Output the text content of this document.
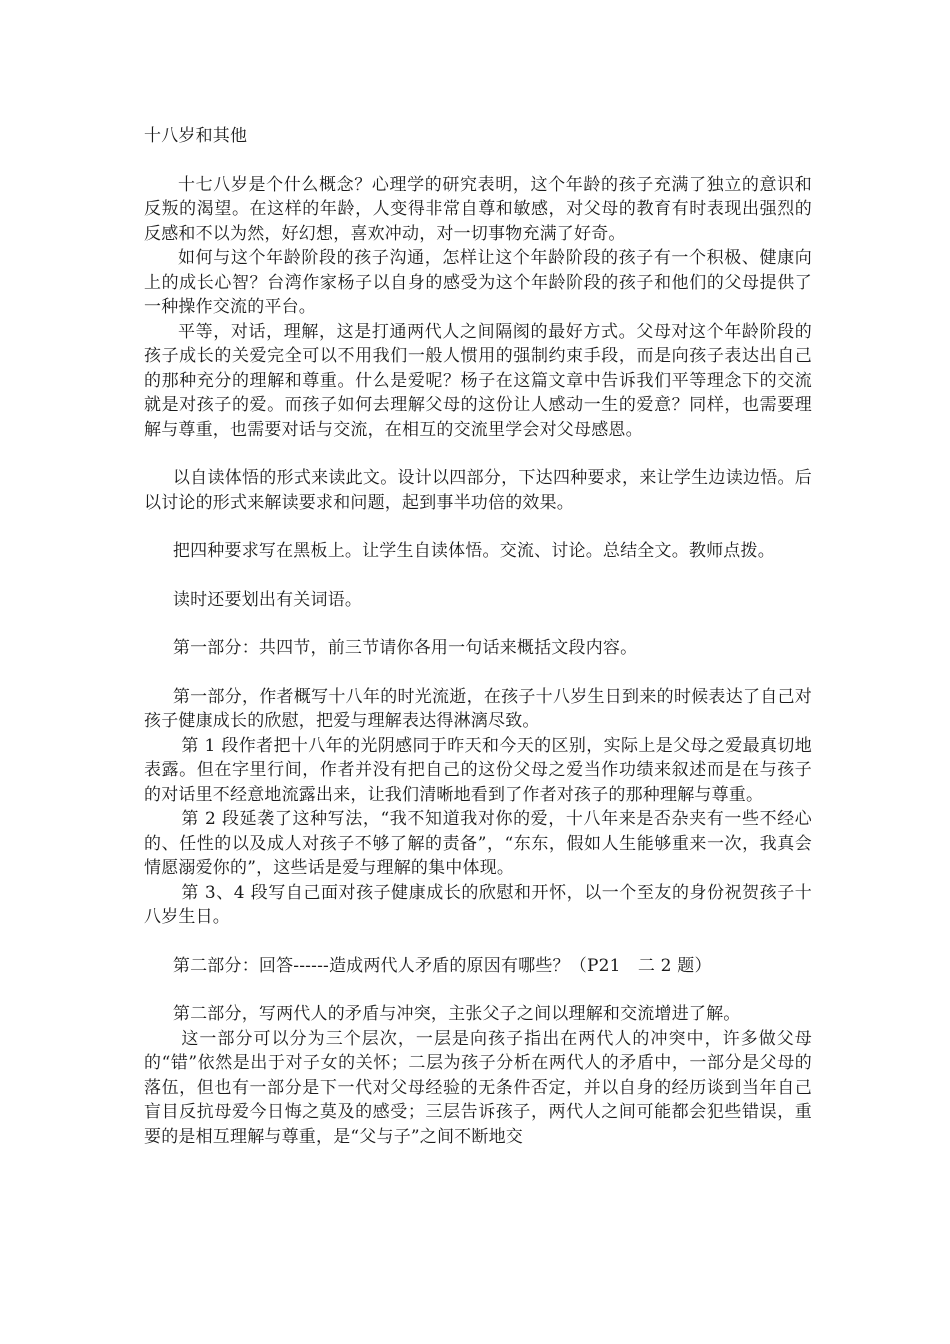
十八岁和其他

十七八岁是个什么概念？心理学的研究表明，这个年龄的孩子充满了独立的意识和反叛的渴望。在这样的年龄，人变得非常自尊和敏感，对父母的教育有时表现出强烈的反感和不以为然，好幻想，喜欢冲动，对一切事物充满了好奇。

如何与这个年龄阶段的孩子沟通，怎样让这个年龄阶段的孩子有一个积极、健康向上的成长心智？台湾作家杨子以自身的感受为这个年龄阶段的孩子和他们的父母提供了一种操作交流的平台。

平等，对话，理解，这是打通两代人之间隔阂的最好方式。父母对这个年龄阶段的孩子成长的关爱完全可以不用我们一般人惯用的强制约束手段，而是向孩子表达出自己的那种充分的理解和尊重。什么是爱呢？杨子在这篇文章中告诉我们平等理念下的交流就是对孩子的爱。而孩子如何去理解父母的这份让人感动一生的爱意？同样，也需要理解与尊重，也需要对话与交流，在相互的交流里学会对父母感恩。

以自读体悟的形式来读此文。设计以四部分，下达四种要求，来让学生边读边悟。后以讨论的形式来解读要求和问题，起到事半功倍的效果。

把四种要求写在黑板上。让学生自读体悟。交流、讨论。总结全文。教师点拨。

读时还要划出有关词语。

第一部分：共四节，前三节请你各用一句话来概括文段内容。

第一部分，作者概写十八年的时光流逝，在孩子十八岁生日到来的时候表达了自己对孩子健康成长的欣慰，把爱与理解表达得淋漓尽致。

第 1 段作者把十八年的光阴感同于昨天和今天的区别，实际上是父母之爱最真切地表露。但在字里行间，作者并没有把自己的这份父母之爱当作功绩来叙述而是在与孩子的对话里不经意地流露出来，让我们清晰地看到了作者对孩子的那种理解与尊重。

第 2 段延袭了这种写法，“我不知道我对你的爱，十八年来是否杂夹有一些不经心的、任性的以及成人对孩子不够了解的责备”，“东东，假如人生能够重来一次，我真会情愿溺爱你的”，这些话是爱与理解的集中体现。

第 3、4 段写自己面对孩子健康成长的欣慰和开怀，以一个至友的身份祝贺孩子十八岁生日。

第二部分：回答------造成两代人矛盾的原因有哪些？（P21　二 2 题）

第二部分，写两代人的矛盾与冲突，主张父子之间以理解和交流增进了解。

这一部分可以分为三个层次，一层是向孩子指出在两代人的冲突中，许多做父母的“错”依然是出于对子女的关怀；二层为孩子分析在两代人的矛盾中，一部分是父母的落伍，但也有一部分是下一代对父母经验的无条件否定，并以自身的经历谈到当年自己盲目反抗母爱今日悔之莫及的感受；三层告诉孩子，两代人之间可能都会犯些错误，重要的是相互理解与尊重，是“父与子”之间不断地交
